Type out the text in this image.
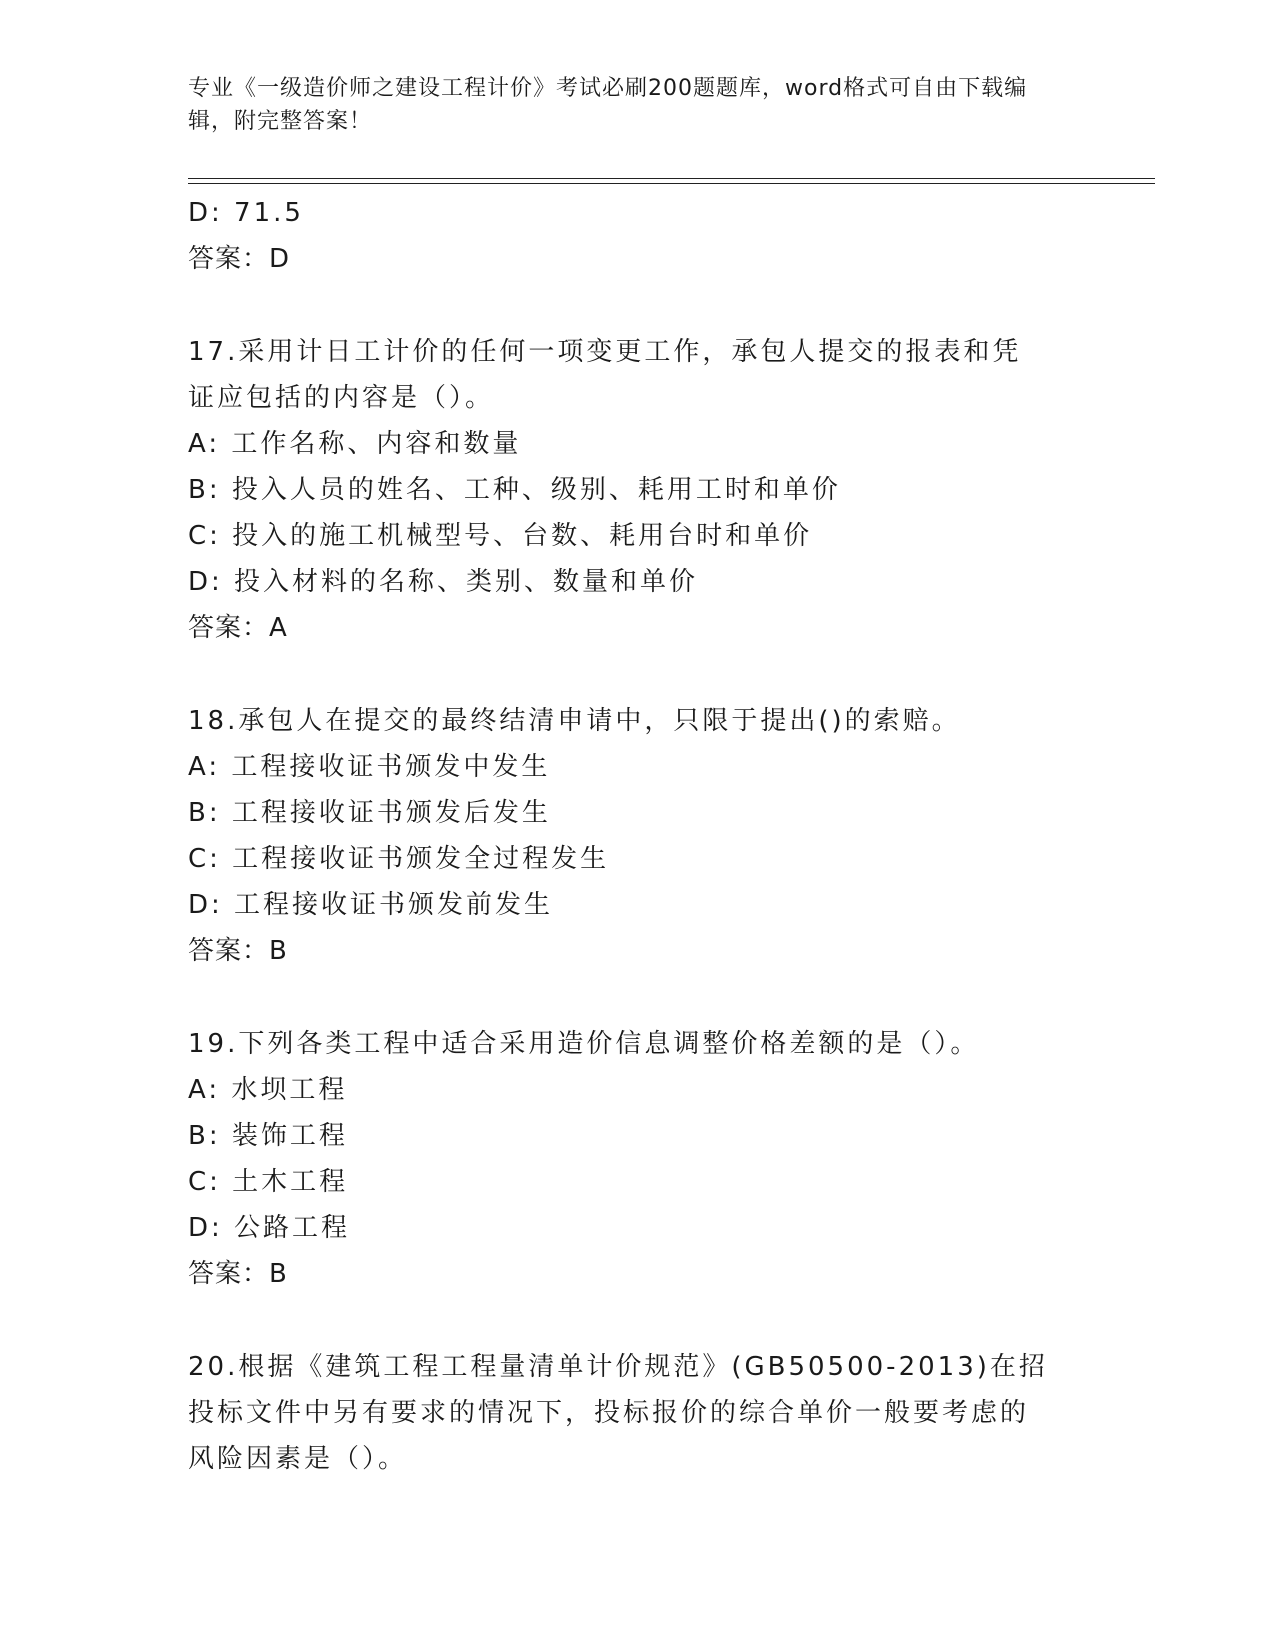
专业《一级造价师之建设工程计价》考试必刷200题题库，word格式可自由下载编辑，附完整答案！
D: 71.5
答案：D
17.采用计日工计价的任何一项变更工作，承包人提交的报表和凭证应包括的内容是（）。
A: 工作名称、内容和数量
B: 投入人员的姓名、工种、级别、耗用工时和单价
C: 投入的施工机械型号、台数、耗用台时和单价
D: 投入材料的名称、类别、数量和单价
答案：A
18.承包人在提交的最终结清申请中，只限于提出()的索赔。
A: 工程接收证书颁发中发生
B: 工程接收证书颁发后发生
C: 工程接收证书颁发全过程发生
D: 工程接收证书颁发前发生
答案：B
19.下列各类工程中适合采用造价信息调整价格差额的是（）。
A: 水坝工程
B: 装饰工程
C: 土木工程
D: 公路工程
答案：B
20.根据《建筑工程工程量清单计价规范》(GB50500-2013)在招投标文件中另有要求的情况下，投标报价的综合单价一般要考虑的风险因素是（）。
